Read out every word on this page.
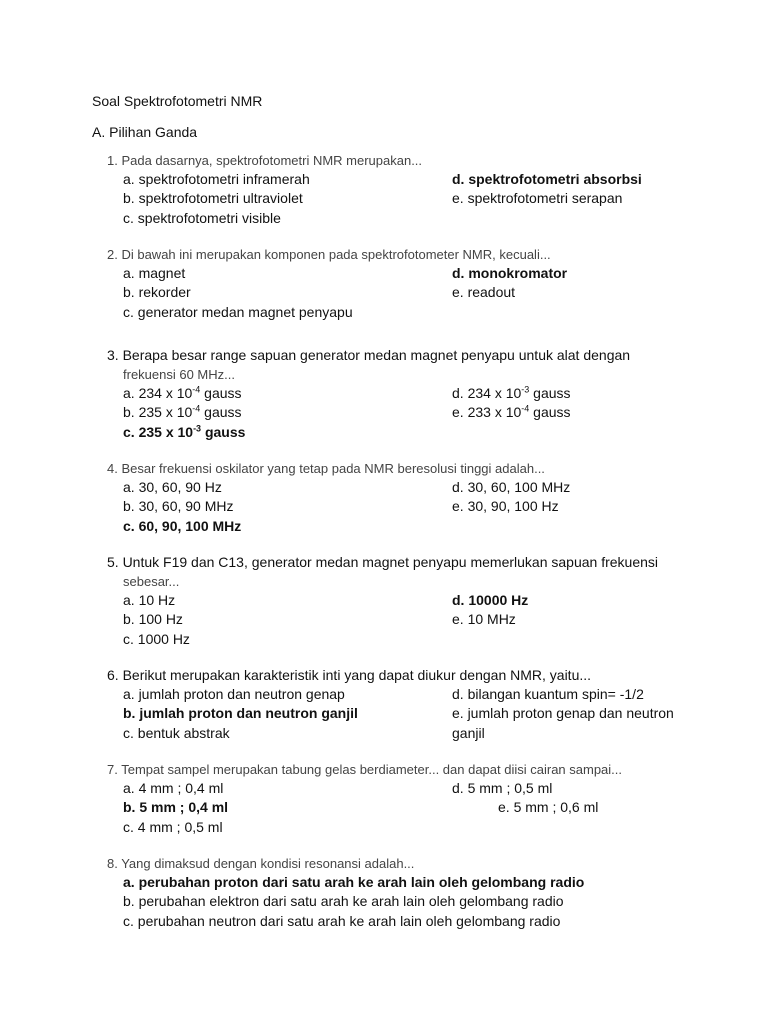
Soal Spektrofotometri NMR
A. Pilihan Ganda
1. Pada dasarnya, spektrofotometri NMR merupakan...
a. spektrofotometri inframerah	d. spektrofotometri absorbsi
b. spektrofotometri ultraviolet	e. spektrofotometri serapan
c. spektrofotometri visible
2. Di bawah ini merupakan komponen pada spektrofotometer NMR, kecuali...
a. magnet	d. monokromator
b. rekorder	e. readout
c. generator medan magnet penyapu
3. Berapa besar range sapuan generator medan magnet penyapu untuk alat dengan
frekuensi 60 MHz...
a. 234 x $10^{-4}$ gauss	d. 234 x $10^{-3}$ gauss
b. 235 x $10^{-4}$ gauss	e. 233 x $10^{-4}$ gauss
c. 235 x $10^{-3}$ gauss
4. Besar frekuensi oskilator yang tetap pada NMR beresolusi tinggi adalah...
a. 30, 60, 90 Hz	d. 30, 60, 100 MHz
b. 30, 60, 90 MHz	e. 30, 90, 100 Hz
c. 60, 90, 100 MHz
5. Untuk F19 dan C13, generator medan magnet penyapu memerlukan sapuan frekuensi
sebesar...
a. 10 Hz	d. 10000 Hz
b. 100 Hz	e. 10 MHz
c. 1000 Hz
6. Berikut merupakan karakteristik inti yang dapat diukur dengan NMR, yaitu...
a. jumlah proton dan neutron genap	d. bilangan kuantum spin= -1/2
b. jumlah proton dan neutron ganjil	e. jumlah proton genap dan neutron ganjil
c. bentuk abstrak
7. Tempat sampel merupakan tabung gelas berdiameter... dan dapat diisi cairan sampai...
a. 4 mm ; 0,4 ml	d. 5 mm ; 0,5 ml
b. 5 mm ; 0,4 ml	e. 5 mm ; 0,6 ml
c. 4 mm ; 0,5 ml
8. Yang dimaksud dengan kondisi resonansi adalah...
a. perubahan proton dari satu arah ke arah lain oleh gelombang radio
b. perubahan elektron dari satu arah ke arah lain oleh gelombang radio
c. perubahan neutron dari satu arah ke arah lain oleh gelombang radio
